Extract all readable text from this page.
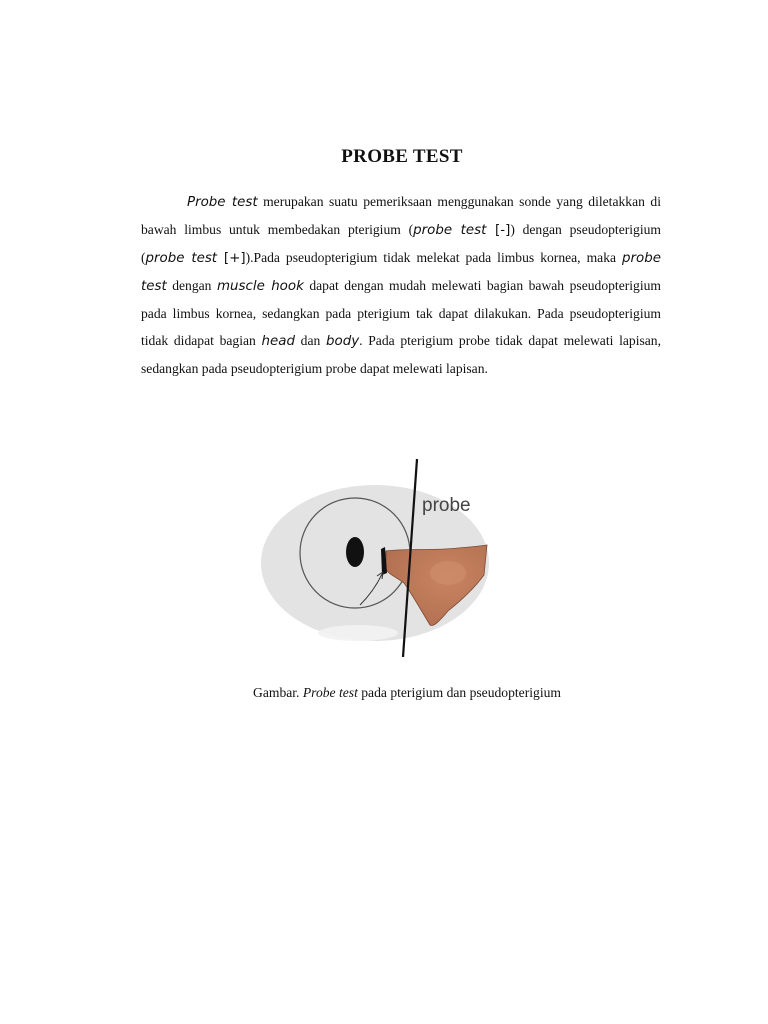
PROBE TEST

Probe test merupakan suatu pemeriksaan menggunakan sonde yang diletakkan di bawah limbus untuk membedakan pterigium (probe test [-]) dengan pseudopterigium (probe test [+]).Pada pseudopterigium tidak melekat pada limbus kornea, maka probe test dengan muscle hook dapat dengan mudah melewati bagian bawah pseudopterigium pada limbus kornea, sedangkan pada pterigium tak dapat dilakukan. Pada pseudopterigium tidak didapat bagian head dan body. Pada pterigium probe tidak dapat melewati lapisan, sedangkan pada pseudopterigium probe dapat melewati lapisan.

probe
Gambar. Probe test pada pterigium dan pseudopterigium
